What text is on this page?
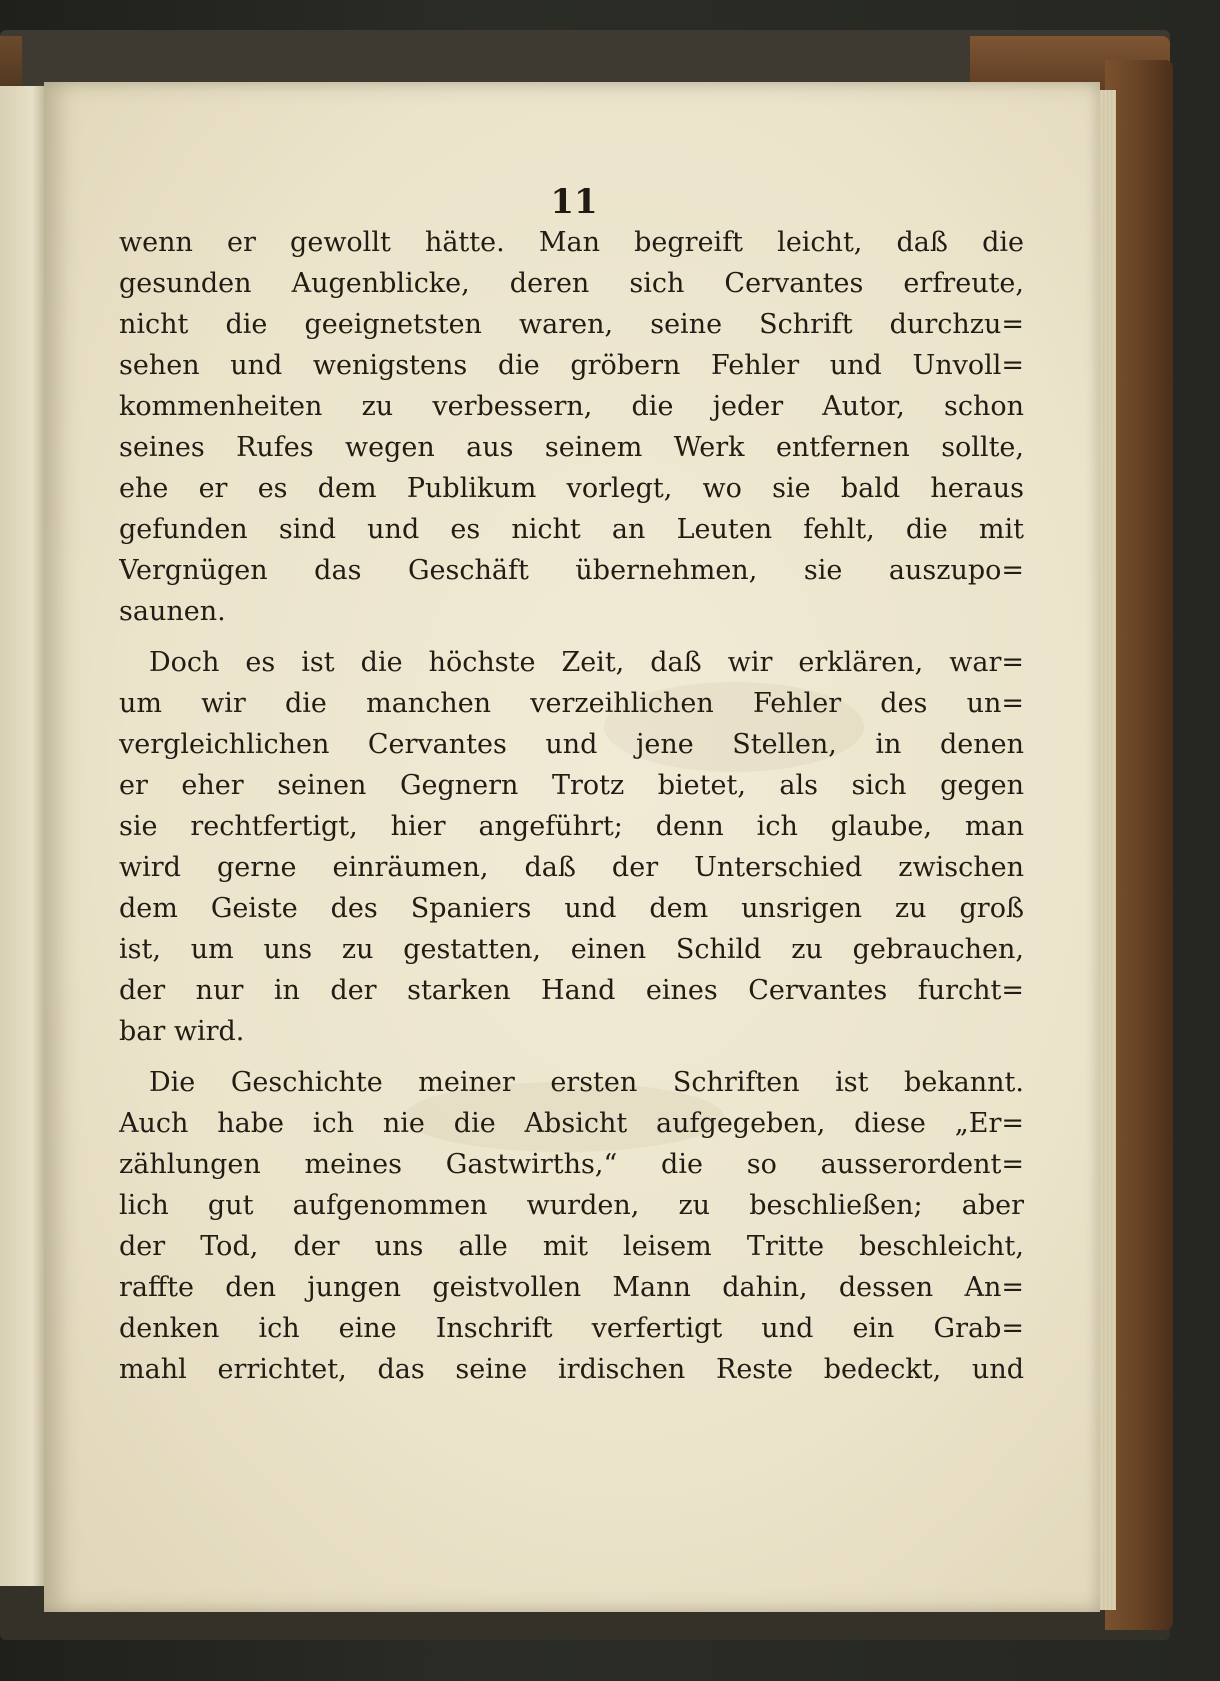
11
wenn er gewollt hätte. Man begreift leicht, daß die
gesunden Augenblicke, deren sich Cervantes erfreute,
nicht die geeignetsten waren, seine Schrift durchzu=
sehen und wenigstens die gröbern Fehler und Unvoll=
kommenheiten zu verbessern, die jeder Autor, schon
seines Rufes wegen aus seinem Werk entfernen sollte,
ehe er es dem Publikum vorlegt, wo sie bald heraus
gefunden sind und es nicht an Leuten fehlt, die mit
Vergnügen das Geschäft übernehmen, sie auszupo=
saunen.
Doch es ist die höchste Zeit, daß wir erklären, war=
um wir die manchen verzeihlichen Fehler des un=
vergleichlichen Cervantes und jene Stellen, in denen
er eher seinen Gegnern Trotz bietet, als sich gegen
sie rechtfertigt, hier angeführt; denn ich glaube, man
wird gerne einräumen, daß der Unterschied zwischen
dem Geiste des Spaniers und dem unsrigen zu groß
ist, um uns zu gestatten, einen Schild zu gebrauchen,
der nur in der starken Hand eines Cervantes furcht=
bar wird.
Die Geschichte meiner ersten Schriften ist bekannt.
Auch habe ich nie die Absicht aufgegeben, diese „Er=
zählungen meines Gastwirths,“ die so ausserordent=
lich gut aufgenommen wurden, zu beschließen; aber
der Tod, der uns alle mit leisem Tritte beschleicht,
raffte den jungen geistvollen Mann dahin, dessen An=
denken ich eine Inschrift verfertigt und ein Grab=
mahl errichtet, das seine irdischen Reste bedeckt, und
